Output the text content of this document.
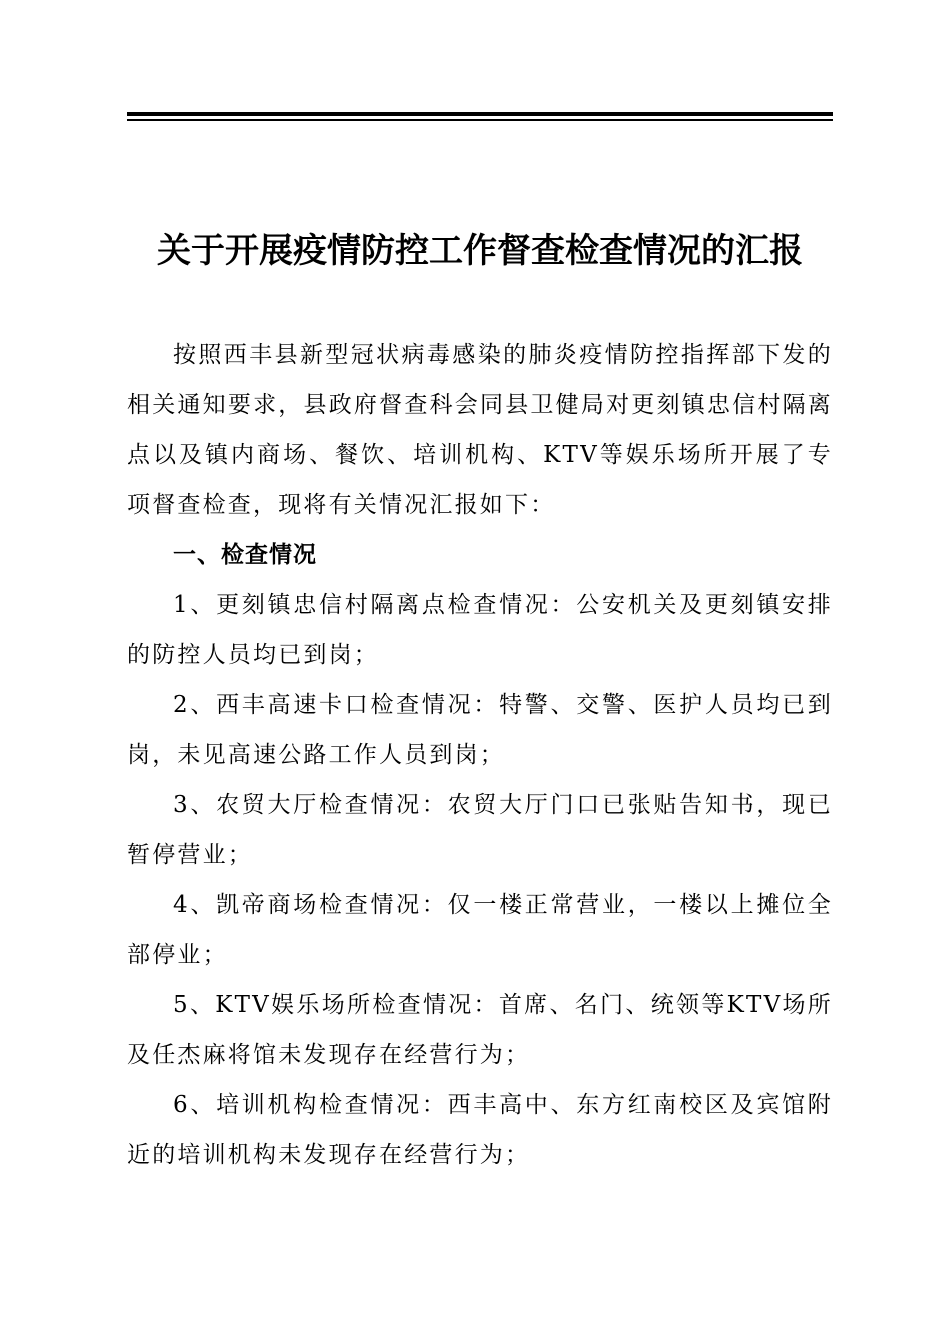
关于开展疫情防控工作督查检查情况的汇报

按照西丰县新型冠状病毒感染的肺炎疫情防控指挥部下发的相关通知要求，县政府督查科会同县卫健局对更刻镇忠信村隔离点以及镇内商场、餐饮、培训机构、KTV等娱乐场所开展了专项督查检查，现将有关情况汇报如下：

一、检查情况

1、更刻镇忠信村隔离点检查情况：公安机关及更刻镇安排的防控人员均已到岗；

2、西丰高速卡口检查情况：特警、交警、医护人员均已到岗，未见高速公路工作人员到岗；

3、农贸大厅检查情况：农贸大厅门口已张贴告知书，现已暂停营业；

4、凯帝商场检查情况：仅一楼正常营业，一楼以上摊位全部停业；

5、KTV娱乐场所检查情况：首席、名门、统领等KTV场所及任杰麻将馆未发现存在经营行为；

6、培训机构检查情况：西丰高中、东方红南校区及宾馆附近的培训机构未发现存在经营行为；
